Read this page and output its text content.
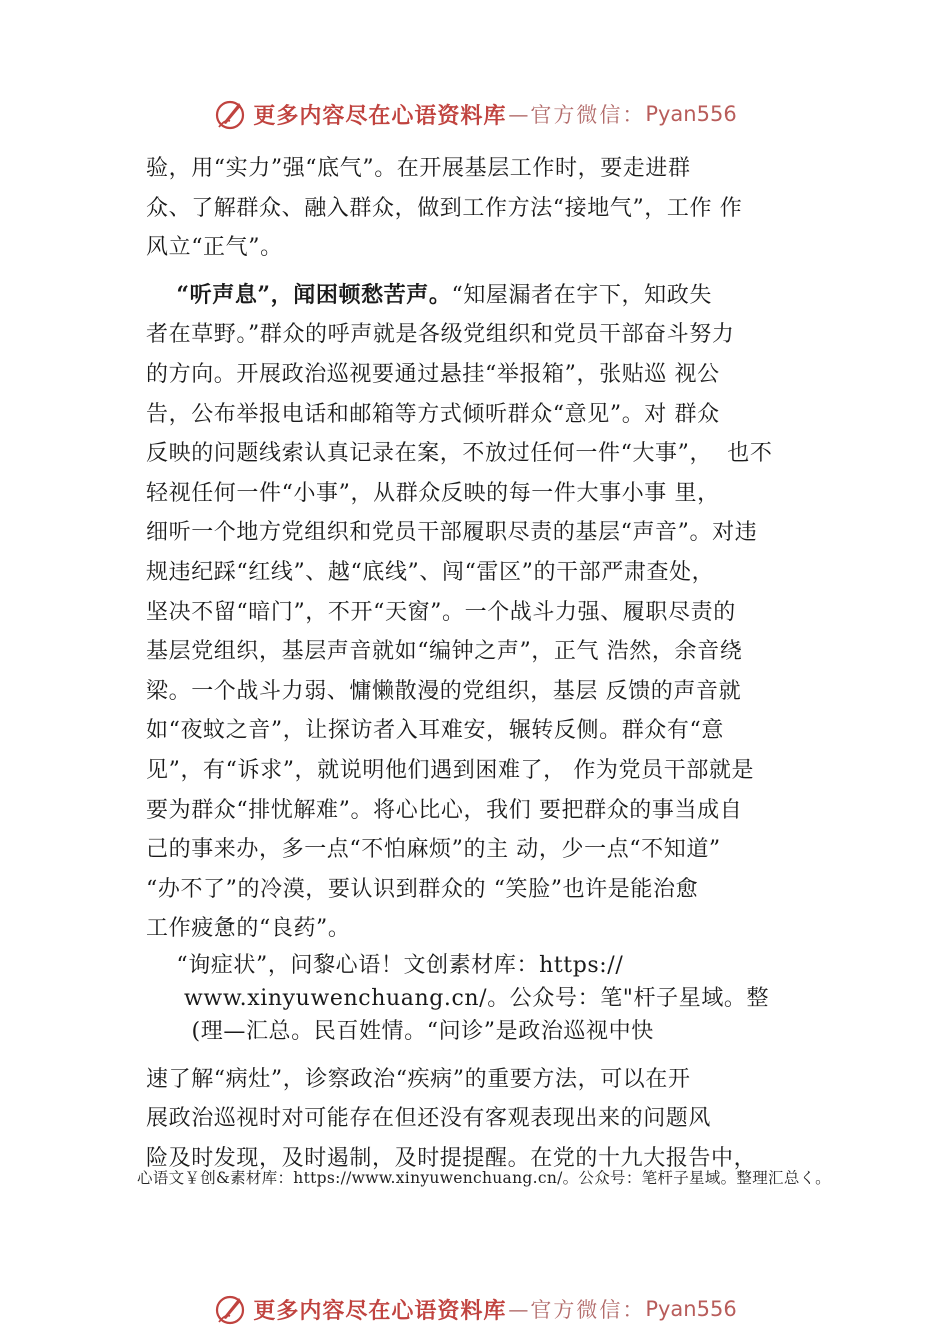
更多内容尽在心语资料库 — 官方微信： Pyan556
验，用“实力”强“底气”。在开展基层工作时，要走进群
众、了解群众、融入群众，做到工作方法“接地气”，工作 作
风立“正气”。
“听声息”，闻困顿愁苦声。“知屋漏者在宇下，知政失
者在草野。”群众的呼声就是各级党组织和党员干部奋斗努力
的方向。开展政治巡视要通过悬挂“举报箱”，张贴巡 视公
告，公布举报电话和邮箱等方式倾听群众“意见”。对 群众
反映的问题线索认真记录在案，不放过任何一件“大事”，  也不
轻视任何一件“小事”，从群众反映的每一件大事小事 里，
细听一个地方党组织和党员干部履职尽责的基层“声音”。对违
规违纪踩“红线”、越“底线”、闯“雷区”的干部严肃查处，
坚决不留“暗门”，不开“天窗”。一个战斗力强、履职尽责的
基层党组织，基层声音就如“编钟之声”，正气 浩然，余音绕
梁。一个战斗力弱、慵懒散漫的党组织，基层 反馈的声音就
如“夜蚊之音”，让探访者入耳难安，辗转反侧。群众有“意
见”，有“诉求”，就说明他们遇到困难了， 作为党员干部就是
要为群众“排忧解难”。将心比心，我们 要把群众的事当成自
己的事来办，多一点“不怕麻烦”的主 动，少一点“不知道”
“办不了”的冷漠，要认识到群众的 “笑脸”也许是能治愈
工作疲惫的“良药”。
“询症状”，问黎心语！文创素材库：https://
www.xinyuwenchuang.cn/。公众号：笔"杆子星域。整
(理—汇总。民百姓情。“问诊”是政治巡视中快
速了解“病灶”，诊察政治“疾病”的重要方法，可以在开
展政治巡视时对可能存在但还没有客观表现出来的问题风
险及时发现，及时遏制，及时提提醒。在党的十九大报告中，
心语文￥创&素材库：https://www.xinyuwenchuang.cn/。公众号：笔杆子星域。整理汇总く。
更多内容尽在心语资料库 — 官方微信： Pyan556
